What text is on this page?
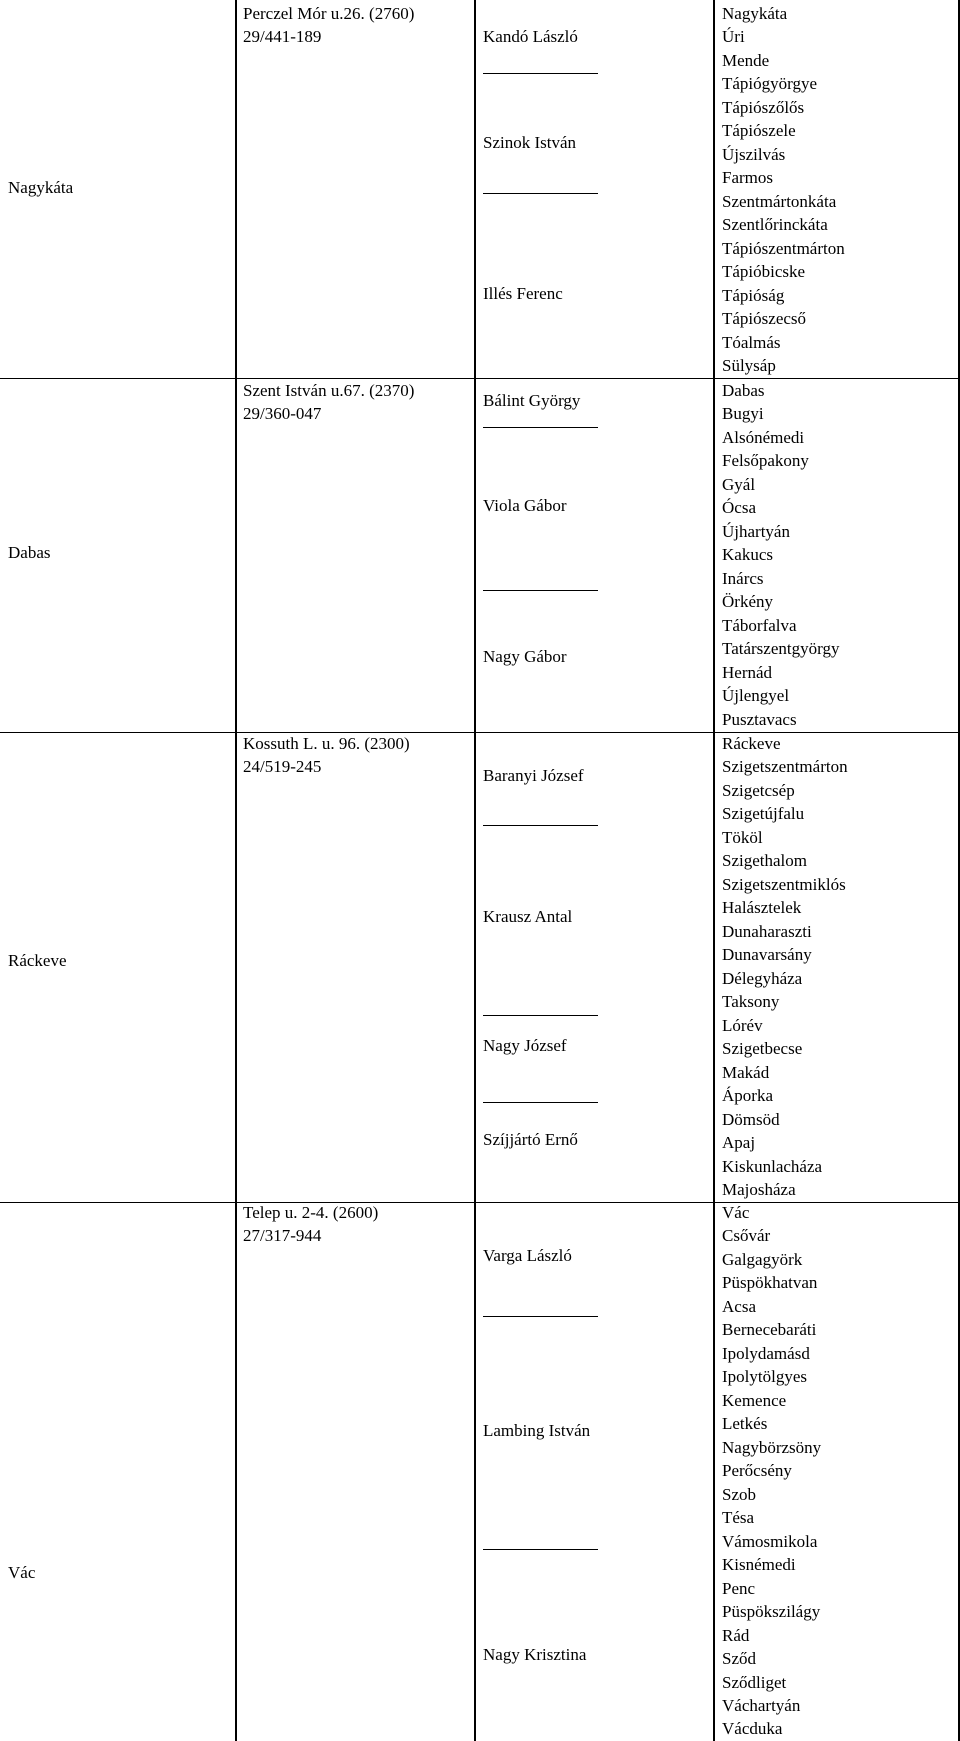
Nagykáta
Perczel Mór u.26. (2760)
29/441-189	Kandó László
Szinok István
Illés Ferenc
Nagykáta
Úri
Mende
Tápiógyörgye
Tápiószőlős
Tápiószele
Újszilvás
Farmos
Szentmártonkáta
Szentlőrinckáta
Tápiószentmárton
Tápióbicske
Tápióság
Tápiószecső
Tóalmás
Sülysáp
Dabas
Szent István u.67. (2370)
29/360-047
Bálint György
Viola Gábor
Nagy Gábor
Dabas
Bugyi
Alsónémedi
Felsőpakony
Gyál
Ócsa
Újhartyán
Kakucs
Inárcs
Örkény
Táborfalva
Tatárszentgyörgy
Hernád
Újlengyel
Pusztavacs
Ráckeve
Kossuth L. u. 96. (2300)
24/519-245	Baranyi József
Krausz Antal
Nagy József
Szíjjártó Ernő
Ráckeve
Szigetszentmárton
Szigetcsép
Szigetújfalu
Tököl
Szigethalom
Szigetszentmiklós
Halásztelek
Dunaharaszti
Dunavarsány
Délegyháza
Taksony
Lórév
Szigetbecse
Makád
Áporka
Dömsöd
Apaj
Kiskunlacháza
Majosháza
Vác
Telep u. 2-4. (2600)
27/317-944
Varga László
Lambing István
Nagy Krisztina
Vác
Csővár
Galgagyörk
Püspökhatvan
Acsa
Bernecebaráti
Ipolydamásd
Ipolytölgyes
Kemence
Letkés
Nagybörzsöny
Perőcsény
Szob
Tésa
Vámosmikola
Kisnémedi
Penc
Püspökszilágy
Rád
Sződ
Sződliget
Váchartyán
Vácduka
